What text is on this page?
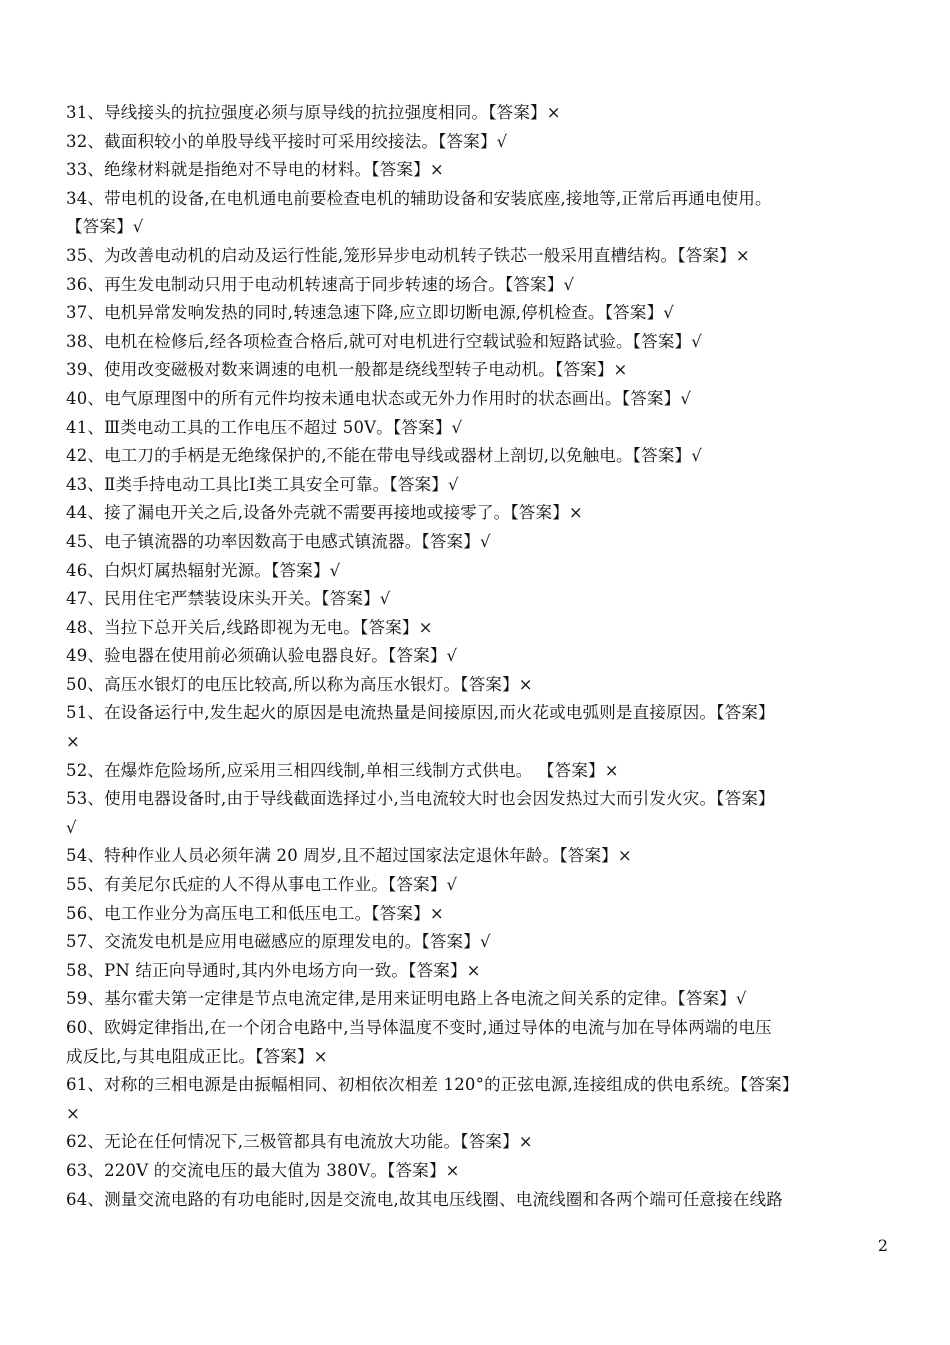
31、导线接头的抗拉强度必须与原导线的抗拉强度相同。【答案】×
32、截面积较小的单股导线平接时可采用绞接法。【答案】√
33、绝缘材料就是指绝对不导电的材料。【答案】×
34、带电机的设备,在电机通电前要检查电机的辅助设备和安装底座,接地等,正常后再通电使用。
【答案】√
35、为改善电动机的启动及运行性能,笼形异步电动机转子铁芯一般采用直槽结构。【答案】×
36、再生发电制动只用于电动机转速高于同步转速的场合。【答案】√
37、电机异常发响发热的同时,转速急速下降,应立即切断电源,停机检查。【答案】√
38、电机在检修后,经各项检查合格后,就可对电机进行空载试验和短路试验。【答案】√
39、使用改变磁极对数来调速的电机一般都是绕线型转子电动机。【答案】×
40、电气原理图中的所有元件均按未通电状态或无外力作用时的状态画出。【答案】√
41、Ⅲ类电动工具的工作电压不超过 50V。【答案】√
42、电工刀的手柄是无绝缘保护的,不能在带电导线或器材上剖切,以免触电。【答案】√
43、Ⅱ类手持电动工具比Ⅰ类工具安全可靠。【答案】√
44、接了漏电开关之后,设备外壳就不需要再接地或接零了。【答案】×
45、电子镇流器的功率因数高于电感式镇流器。【答案】√
46、白炽灯属热辐射光源。【答案】√
47、民用住宅严禁装设床头开关。【答案】√
48、当拉下总开关后,线路即视为无电。【答案】×
49、验电器在使用前必须确认验电器良好。【答案】√
50、高压水银灯的电压比较高,所以称为高压水银灯。【答案】×
51、在设备运行中,发生起火的原因是电流热量是间接原因,而火花或电弧则是直接原因。【答案】
×
52、在爆炸危险场所,应采用三相四线制,单相三线制方式供电。 【答案】×
53、使用电器设备时,由于导线截面选择过小,当电流较大时也会因发热过大而引发火灾。【答案】
√
54、特种作业人员必须年满 20 周岁,且不超过国家法定退休年龄。【答案】×
55、有美尼尔氏症的人不得从事电工作业。【答案】√
56、电工作业分为高压电工和低压电工。【答案】×
57、交流发电机是应用电磁感应的原理发电的。【答案】√
58、PN 结正向导通时,其内外电场方向一致。【答案】×
59、基尔霍夫第一定律是节点电流定律,是用来证明电路上各电流之间关系的定律。【答案】√
60、欧姆定律指出,在一个闭合电路中,当导体温度不变时,通过导体的电流与加在导体两端的电压
成反比,与其电阻成正比。【答案】×
61、对称的三相电源是由振幅相同、初相依次相差 120°的正弦电源,连接组成的供电系统。【答案】
×
62、无论在任何情况下,三极管都具有电流放大功能。【答案】×
63、220V 的交流电压的最大值为 380V。【答案】×
64、测量交流电路的有功电能时,因是交流电,故其电压线圈、电流线圈和各两个端可任意接在线路
2
